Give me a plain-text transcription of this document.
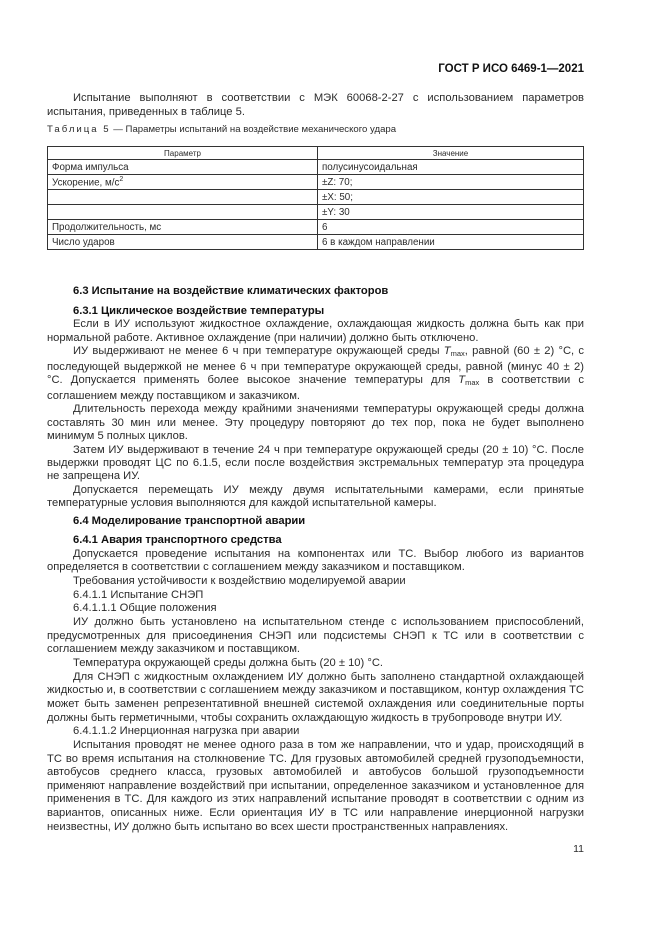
ГОСТ Р ИСО 6469-1—2021

Испытание выполняют в соответствии с МЭК 60068-2-27 с использованием параметров испытания, приведенных в таблице 5.

Таблица 5 — Параметры испытаний на воздействие механического удара
Параметр	Значение
Форма импульса	полусинусоидальная
Ускорение, $м/с^2$	±Z: 70;
	±X: 50;
	±Y: 30
Продолжительность, мс	6
Число ударов	6 в каждом направлении

6.3 Испытание на воздействие климатических факторов

6.3.1 Циклическое воздействие температуры

Если в ИУ используют жидкостное охлаждение, охлаждающая жидкость должна быть как при нормальной работе. Активное охлаждение (при наличии) должно быть отключено.

ИУ выдерживают не менее 6 ч при температуре окружающей среды $T_{max}$, равной (60 ± 2) °С, с последующей выдержкой не менее 6 ч при температуре окружающей среды, равной (минус 40 ± 2) °С. Допускается применять более высокое значение температуры для $T_{max}$ в соответствии с соглашением между поставщиком и заказчиком.

Длительность перехода между крайними значениями температуры окружающей среды должна составлять 30 мин или менее. Эту процедуру повторяют до тех пор, пока не будет выполнено минимум 5 полных циклов.

Затем ИУ выдерживают в течение 24 ч при температуре окружающей среды (20 ± 10) °С. После выдержки проводят ЦС по 6.1.5, если после воздействия экстремальных температур эта процедура не запрещена ИУ.

Допускается перемещать ИУ между двумя испытательными камерами, если принятые температурные условия выполняются для каждой испытательной камеры.

6.4 Моделирование транспортной аварии

6.4.1 Авария транспортного средства

Допускается проведение испытания на компонентах или ТС. Выбор любого из вариантов определяется в соответствии с соглашением между заказчиком и поставщиком.

Требования устойчивости к воздействию моделируемой аварии

6.4.1.1 Испытание СНЭП

6.4.1.1.1 Общие положения

ИУ должно быть установлено на испытательном стенде с использованием приспособлений, предусмотренных для присоединения СНЭП или подсистемы СНЭП к ТС или в соответствии с соглашением между заказчиком и поставщиком.

Температура окружающей среды должна быть (20 ± 10) °С.

Для СНЭП с жидкостным охлаждением ИУ должно быть заполнено стандартной охлаждающей жидкостью и, в соответствии с соглашением между заказчиком и поставщиком, контур охлаждения ТС может быть заменен репрезентативной внешней системой охлаждения или соединительные порты должны быть герметичными, чтобы сохранить охлаждающую жидкость в трубопроводе внутри ИУ.

6.4.1.1.2 Инерционная нагрузка при аварии

Испытания проводят не менее одного раза в том же направлении, что и удар, происходящий в ТС во время испытания на столкновение ТС. Для грузовых автомобилей средней грузоподъемности, автобусов среднего класса, грузовых автомобилей и автобусов большой грузоподъемности применяют направление воздействий при испытании, определенное заказчиком и установленное для применения в ТС. Для каждого из этих направлений испытание проводят в соответствии с одним из вариантов, описанных ниже. Если ориентация ИУ в ТС или направление инерционной нагрузки неизвестны, ИУ должно быть испытано во всех шести пространственных направлениях.

11
